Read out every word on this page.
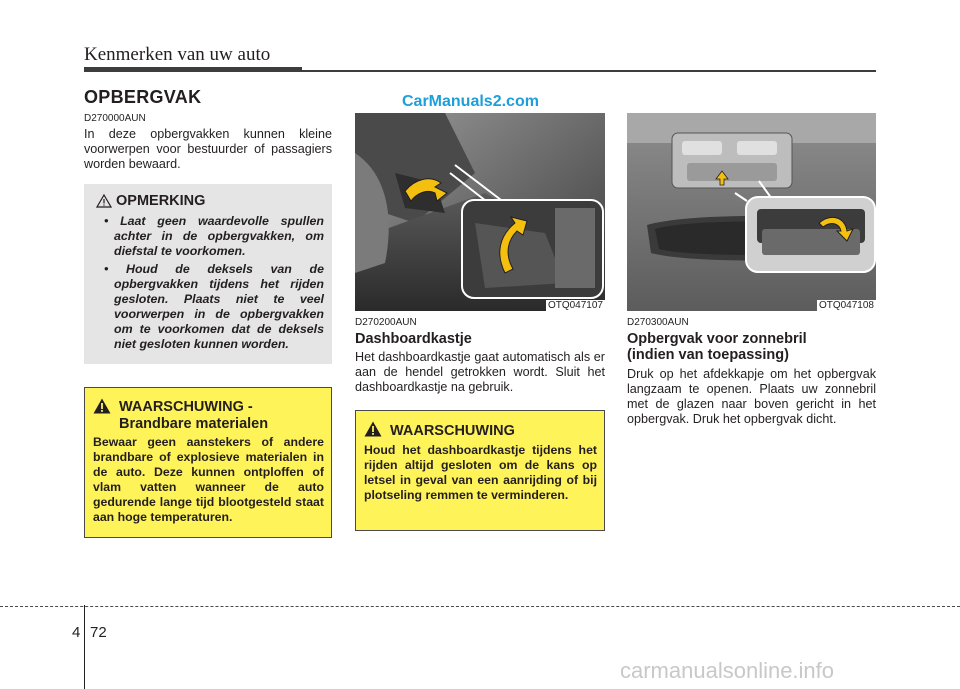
Kenmerken van uw auto
OPBERGVAK	CarManuals2.com
D270000AUN
In deze opbergvakken kunnen kleine voorwerpen voor bestuurder of passagiers worden bewaard.
OPMERKING
• Laat geen waardevolle spullen achter in de opbergvakken, om diefstal te voorkomen.
• Houd de deksels van de opbergvakken tijdens het rijden gesloten. Plaats niet te veel voorwerpen in de opbergvakken om te voorkomen dat de deksels niet gesloten kunnen worden.
WAARSCHUWING -
Brandbare materialen
Bewaar geen aanstekers of andere brandbare of explosieve materialen in de auto. Deze kunnen ontploffen of vlam vatten wanneer de auto gedurende lange tijd blootgesteld staat aan hoge temperaturen.
OTQ047107
D270200AUN
Dashboardkastje
Het dashboardkastje gaat automatisch als er aan de hendel getrokken wordt. Sluit het dashboardkastje na gebruik.
WAARSCHUWING
Houd het dashboardkastje tijdens het rijden altijd gesloten om de kans op letsel in geval van een aanrijding of bij plotseling remmen te verminderen.
OTQ047108
D270300AUN
Opbergvak voor zonnebril
(indien van toepassing)
Druk op het afdekkapje om het opbergvak langzaam te openen. Plaats uw zonnebril met de glazen naar boven gericht in het opbergvak. Druk het opbergvak dicht.
4 72
carmanualsonline.info
